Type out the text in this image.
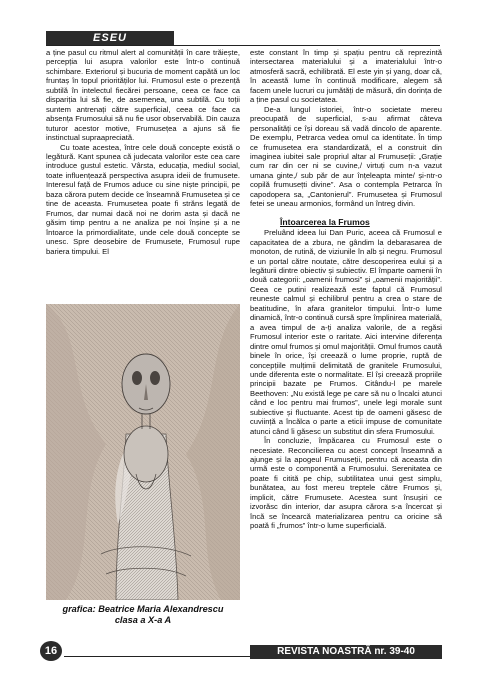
ESEU

a ține pasul cu ritmul alert al comunității în care trăiește, percepția lui asupra valorilor este într-o continuă schimbare. Exteriorul și bucuria de moment capătă un loc fruntaș în topul priorităților lui. Frumosul este o prezență subtilă în intelectul fiecărei persoane, ceea ce face ca dispariția lui să fie, de asemenea, una subtilă. Cu toții suntem antrenați către superficial, ceea ce face ca absența Frumosului să nu fie usor observabilă. Din cauza tuturor acestor motive, Frumusețea a ajuns să fie instinctual supraapreciată.

Cu toate acestea, între cele două concepte există o legătură. Kant spunea că judecata valorilor este cea care introduce gustul estetic. Vârsta, educația, mediul social, toate influențează perspectiva asupra ideii de frumusete. Interesul față de Frumos aduce cu sine niște principii, pe baza cărora putem decide ce înseamnă Frumusetea și ce tine de aceasta. Frumusetea poate fi străns legată de Frumos, dar numai dacă noi ne dorim asta și dacă ne găsim timp pentru a ne analiza pe noi înșine și a ne întoarce la primordialitate, unde cele două concepte se unesc. Spre deosebire de Frumusete, Frumosul rupe bariera timpului. El

grafica: Beatrice Maria Alexandrescu
clasa a X-a A

este constant în timp și spațiu pentru că reprezintă intersectarea materialului și a imaterialului într-o atmosferă sacră, echilibrată. El este yin și yang, doar că, în această lume în continuă modificare, alegem să facem unele lucruri cu jumătăți de măsură, din dorința de a ține pasul cu societatea.

De-a lungul istoriei, într-o societate mereu preocupată de superficial, s-au afirmat câteva personalități ce își doreau să vadă dincolo de aparente. De exemplu, Petrarca vedea omul ca identitate. În timp ce frumusetea era standardizată, el a construit din imaginea iubitei sale propriul altar al Frumuseții: „Grație cum rar din cer ni se cuvine,/ virtuți cum n-a vazut umana ginte,/ sub păr de aur înțeleapta minte/ și-ntr-o copilă frumusețti divine”. Asa o contempla Petrarca în capodopera sa, „Cantonierul”. Frumusetea și Frumosul fetei se uneau armonios, formând un întreg divin.

Întoarcerea la Frumos

Preluând ideea lui Dan Puric, aceea că Frumosul e capacitatea de a zbura, ne gândim la debarasarea de monoton, de rutină, de viziunile în alb și negru. Frumosul e un portal către noutate, către descoperirea eului și a legăturii dintre obiectiv și subiectiv. El împarte oamenii în două categorii: „oamenii frumosi” și „oamenii majorității”. Ceea ce putini realizează este faptul că Frumosul reuneste calmul și echilibrul pentru a crea o stare de beatitudine, în afara granitelor timpului. Într-o lume dinamică, într-o continuă cursă spre împlinirea materială, a avea timpul de a-ți analiza valorile, de a regăsi Frumosul interior este o raritate. Aici intervine diferența dintre omul frumos și omul majorității. Omul frumos caută binele în orice, își creează o lume proprie, ruptă de concepțiile mulțimii delimitată de granitele Frumosului, unde diferenta este o normalitate. El își creează propriile principii bazate pe Frumos. Citându-l pe marele Beethoven: „Nu există lege pe care să nu o încalci atunci când e loc pentru mai frumos”, unele legi morale sunt subiective și fluctuante. Acest tip de oameni găsesc de cuviință a încălca o parte a eticii impuse de comunitate atunci când îi găsesc un substitut din sfera Frumosului.

În concluzie, împăcarea cu Frumosul este o necesiate. Reconcilierea cu acest concept înseamnă a ajunge și la apogeul Frumuseții, pentru că aceasta din urmă este o componentă a Frumosului. Serenitatea ce poate fi citită pe chip, subtilitatea unui gest simplu, bunătatea, au fost mereu treptele către Frumos și, implicit, către Frumusete. Acestea sunt însușiri ce izvorăsc din interior, dar asupra cărora s-a încercat și încă se încearcă materializarea pentru ca oricine să poată fi „frumos” într-o lume superficială.

16	REVISTA NOASTRĂ nr. 39-40
